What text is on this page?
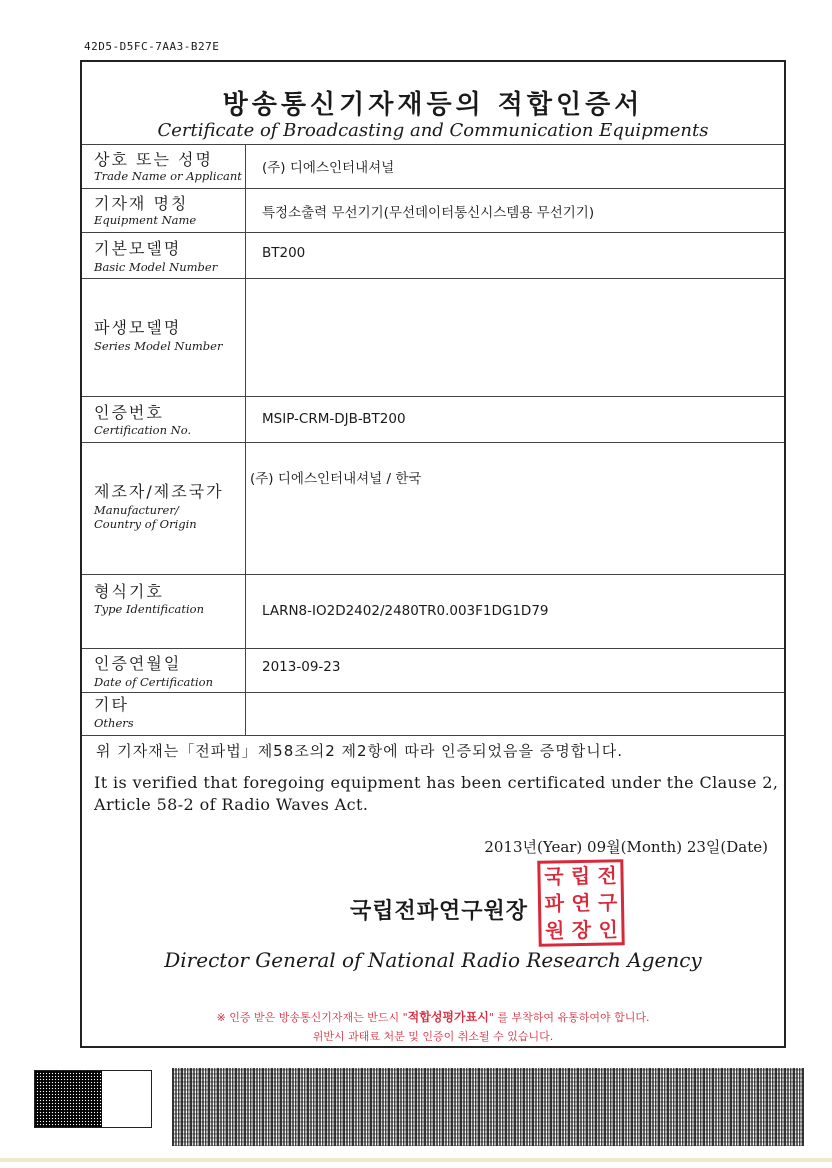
42D5-D5FC-7AA3-B27E
방송통신기자재등의 적합인증서
Certificate of Broadcasting and Communication Equipments
상호 또는 성명
Trade Name or Applicant (주) 디에스인터내셔널
기자재 명칭
Equipment Name	특정소출력 무선기기(무선데이터통신시스템용 무선기기)
기본모델명
Basic Model Number
BT200
파생모델명
Series Model Number
인증번호
Certification No.
MSIP-CRM-DJB-BT200
제조자/제조국가
Manufacturer/
Country of Origin
(주) 디에스인터내셔널 / 한국
형식기호
Type Identification	LARN8-IO2D2402/2480TR0.003F1DG1D79
인증연월일
Date of Certification
2013-09-23
기타
Others
위 기자재는「전파법」제58조의2 제2항에 따라 인증되었음을 증명합니다.
It is verified that foregoing equipment has been certificated under the Clause 2, Article 58-2 of Radio Waves Act.
2013년(Year) 09월(Month) 23일(Date)
국립전파연구원장
국 립 전
파 연 구
원 장 인
Director General of National Radio Research Agency
※ 인증 받은 방송통신기자재는 반드시 "적합성평가표시" 를 부착하여 유통하여야 합니다.
위반시 과태료 처분 및 인증이 취소될 수 있습니다.
